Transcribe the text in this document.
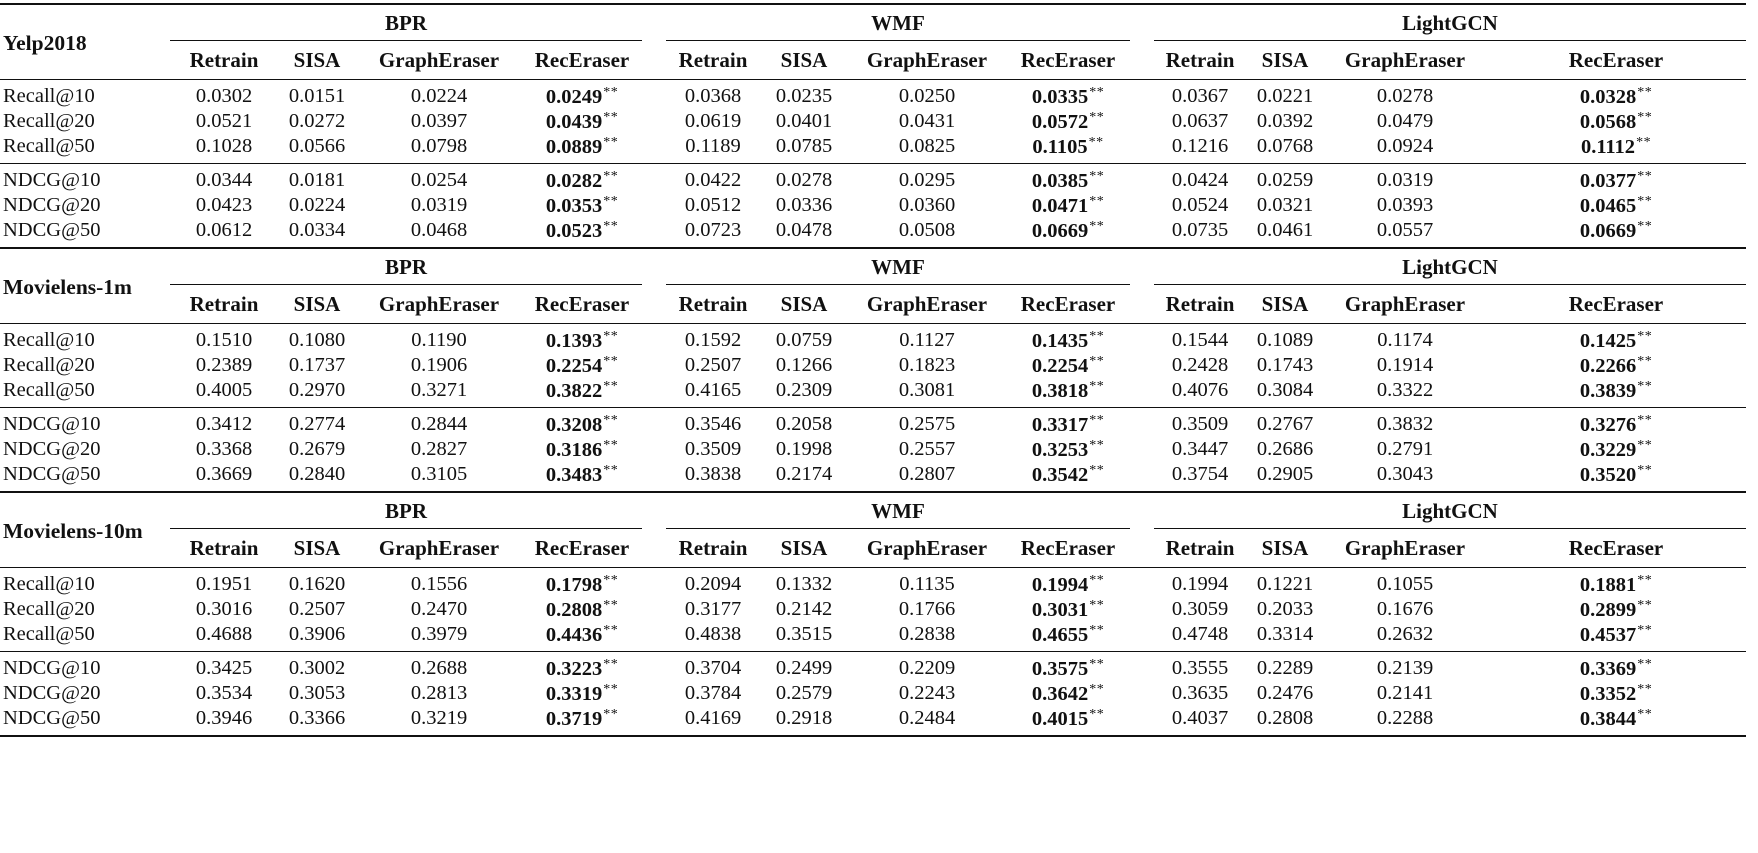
Yelp2018	BPR					WMF					LightGCN			

	Retrain	SISA	GraphEraser	RecEraser		Retrain	SISA	GraphEraser	RecEraser		Retrain	SISA	GraphEraser	RecEraser

Recall@10	0.0302	0.0151	0.0224	0.0249**		0.0368	0.0235	0.0250	0.0335**		0.0367	0.0221	0.0278	0.0328**
Recall@20	0.0521	0.0272	0.0397	0.0439**		0.0619	0.0401	0.0431	0.0572**		0.0637	0.0392	0.0479	0.0568**
Recall@50	0.1028	0.0566	0.0798	0.0889**		0.1189	0.0785	0.0825	0.1105**		0.1216	0.0768	0.0924	0.1112**

NDCG@10	0.0344	0.0181	0.0254	0.0282**		0.0422	0.0278	0.0295	0.0385**		0.0424	0.0259	0.0319	0.0377**
NDCG@20	0.0423	0.0224	0.0319	0.0353**		0.0512	0.0336	0.0360	0.0471**		0.0524	0.0321	0.0393	0.0465**
NDCG@50	0.0612	0.0334	0.0468	0.0523**		0.0723	0.0478	0.0508	0.0669**		0.0735	0.0461	0.0557	0.0669**

Movielens-1m	BPR					WMF					LightGCN			

	Retrain	SISA	GraphEraser	RecEraser		Retrain	SISA	GraphEraser	RecEraser		Retrain	SISA	GraphEraser	RecEraser

Recall@10	0.1510	0.1080	0.1190	0.1393**		0.1592	0.0759	0.1127	0.1435**		0.1544	0.1089	0.1174	0.1425**
Recall@20	0.2389	0.1737	0.1906	0.2254**		0.2507	0.1266	0.1823	0.2254**		0.2428	0.1743	0.1914	0.2266**
Recall@50	0.4005	0.2970	0.3271	0.3822**		0.4165	0.2309	0.3081	0.3818**		0.4076	0.3084	0.3322	0.3839**

NDCG@10	0.3412	0.2774	0.2844	0.3208**		0.3546	0.2058	0.2575	0.3317**		0.3509	0.2767	0.3832	0.3276**
NDCG@20	0.3368	0.2679	0.2827	0.3186**		0.3509	0.1998	0.2557	0.3253**		0.3447	0.2686	0.2791	0.3229**
NDCG@50	0.3669	0.2840	0.3105	0.3483**		0.3838	0.2174	0.2807	0.3542**		0.3754	0.2905	0.3043	0.3520**

Movielens-10m	BPR					WMF					LightGCN			

	Retrain	SISA	GraphEraser	RecEraser		Retrain	SISA	GraphEraser	RecEraser		Retrain	SISA	GraphEraser	RecEraser

Recall@10	0.1951	0.1620	0.1556	0.1798**		0.2094	0.1332	0.1135	0.1994**		0.1994	0.1221	0.1055	0.1881**
Recall@20	0.3016	0.2507	0.2470	0.2808**		0.3177	0.2142	0.1766	0.3031**		0.3059	0.2033	0.1676	0.2899**
Recall@50	0.4688	0.3906	0.3979	0.4436**		0.4838	0.3515	0.2838	0.4655**		0.4748	0.3314	0.2632	0.4537**

NDCG@10	0.3425	0.3002	0.2688	0.3223**		0.3704	0.2499	0.2209	0.3575**		0.3555	0.2289	0.2139	0.3369**
NDCG@20	0.3534	0.3053	0.2813	0.3319**		0.3784	0.2579	0.2243	0.3642**		0.3635	0.2476	0.2141	0.3352**
NDCG@50	0.3946	0.3366	0.3219	0.3719**		0.4169	0.2918	0.2484	0.4015**		0.4037	0.2808	0.2288	0.3844**
